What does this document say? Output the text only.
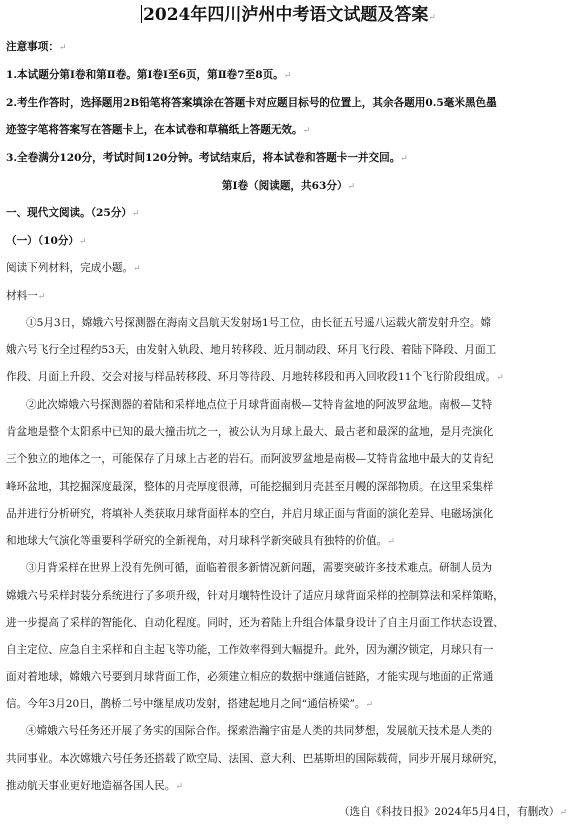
2024年四川泸州中考语文试题及答案↵
注意事项：↵
1.本试题分第Ⅰ卷和第Ⅱ卷。第Ⅰ卷Ⅰ至6页，第Ⅱ卷7至8页。↵
2.考生作答时，选择题用2B铅笔将答案填涂在答题卡对应题目标号的位置上，其余各题用0.5毫米黑色墨
迹签字笔将答案写在答题卡上，在本试卷和草稿纸上答题无效。↵
3.全卷满分120分，考试时间120分钟。考试结束后，将本试卷和答题卡一并交回。↵
第Ⅰ卷（阅读题，共63分）↵
一、现代文阅读。（25分）↵
（一）（10分）↵
阅读下列材料，完成小题。↵
材料一↵
①5月3日，嫦娥六号探测器在海南文昌航天发射场1号工位，由长征五号遥八运载火箭发射升空。嫦
娥六号飞行全过程约53天，由发射入轨段、地月转移段、近月制动段、环月飞行段、着陆下降段、月面工
作段、月面上升段、交会对接与样品转移段、环月等待段、月地转移段和再入回收段11个飞行阶段组成。↵
②此次嫦娥六号探测器的着陆和采样地点位于月球背面南极—艾特肯盆地的阿波罗盆地。南极—艾特
肯盆地是整个太阳系中已知的最大撞击坑之一，被公认为月球上最大、最古老和最深的盆地，是月壳演化
三个独立的地体之一，可能保存了月球上古老的岩石。而阿波罗盆地是南极—艾特肯盆地中最大的艾肯纪
峰环盆地，其挖掘深度最深，整体的月壳厚度很薄，可能挖掘到月壳甚至月幔的深部物质。在这里采集样
品并进行分析研究，将填补人类获取月球背面样本的空白，并启月球正面与背面的演化差异、电磁场演化
和地球大气演化等重要科学研究的全新视角，对月球科学新突破具有独特的价值。↵
③月背采样在世界上没有先例可循，面临着很多新情况新问题，需要突破许多技术难点。研制人员为
嫦娥六号采样封装分系统进行了多项升级，针对月壤特性设计了适应月球背面采样的控制算法和采样策略，
进一步提高了采样的智能化、自动化程度。同时，还为着陆上升组合体量身设计了自主月面工作状态设置、
自主定位、应急自主采样和自主起飞等功能，工作效率得到大幅提升。此外，因为潮汐锁定，月球只有一
面对着地球，嫦娥六号要到月球背面工作，必须建立相应的数据中继通信链路，才能实现与地面的正常通
信。今年3月20日，鹊桥二号中继星成功发射，搭建起地月之间“通信桥梁”。↵
④嫦娥六号任务还开展了务实的国际合作。探索浩瀚宇宙是人类的共同梦想，发展航天技术是人类的
共同事业。本次嫦娥六号任务还搭载了欧空局、法国、意大利、巴基斯坦的国际载荷，同步开展月球研究，
推动航天事业更好地造福各国人民。↵
（选自《科技日报》2024年5月4日，有删改）↵
